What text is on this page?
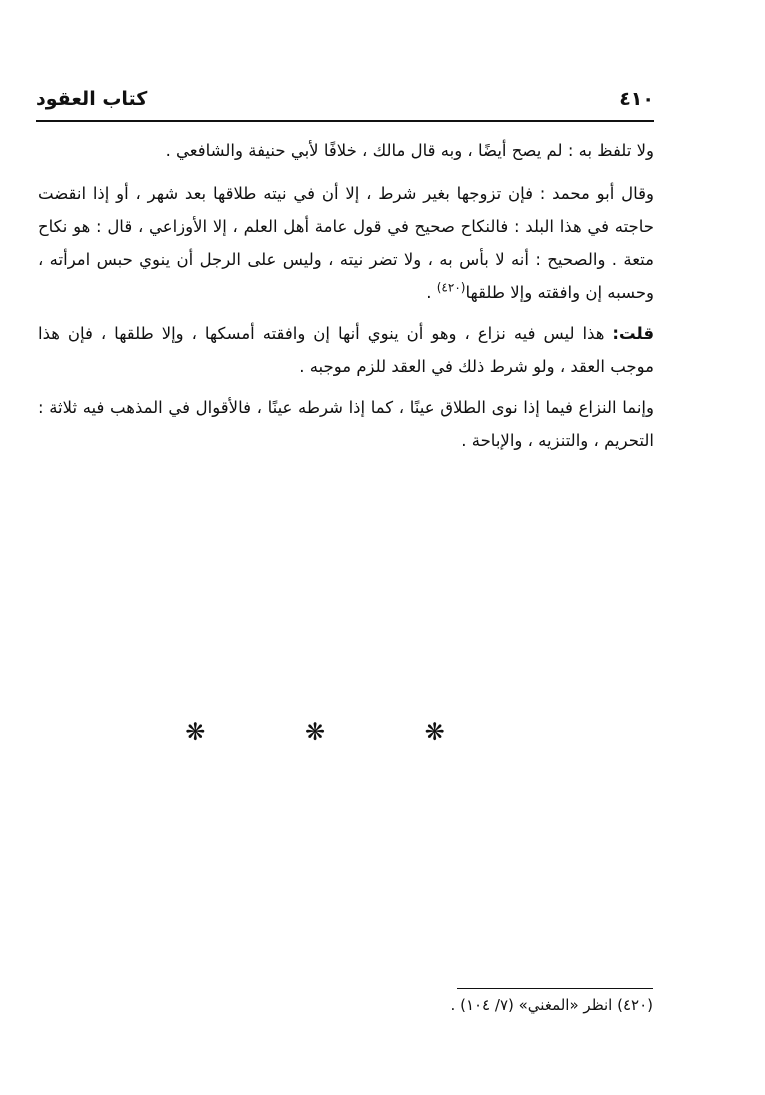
كتاب العقود	٤١٠

ولا تلفظ به : لم يصح أيضًا ، وبه قال مالك ، خلافًا لأبي حنيفة والشافعي .

وقال أبو محمد : فإن تزوجها بغير شرط ، إلا أن في نيته طلاقها بعد شهر ، أو إذا انقضت حاجته في هذا البلد : فالنكاح صحيح في قول عامة أهل العلم ، إلا الأوزاعي ، قال : هو نكاح متعة . والصحيح : أنه لا بأس به ، ولا تضر نيته ، وليس على الرجل أن ينوي حبس امرأته ، وحسبه إن وافقته وإلا طلقها$^{(٤٢٠)}$ .

قلت: هذا ليس فيه نزاع ، وهو أن ينوي أنها إن وافقته أمسكها ، وإلا طلقها ، فإن هذا موجب العقد ، ولو شرط ذلك في العقد للزم موجبه .

وإنما النزاع فيما إذا نوى الطلاق عينًا ، كما إذا شرطه عينًا ، فالأقوال في المذهب فيه ثلاثة : التحريم ، والتنزيه ، والإباحة .

❋ ❋ ❋
(٤٢٠) انظر «المغني» (٧/ ١٠٤) .
